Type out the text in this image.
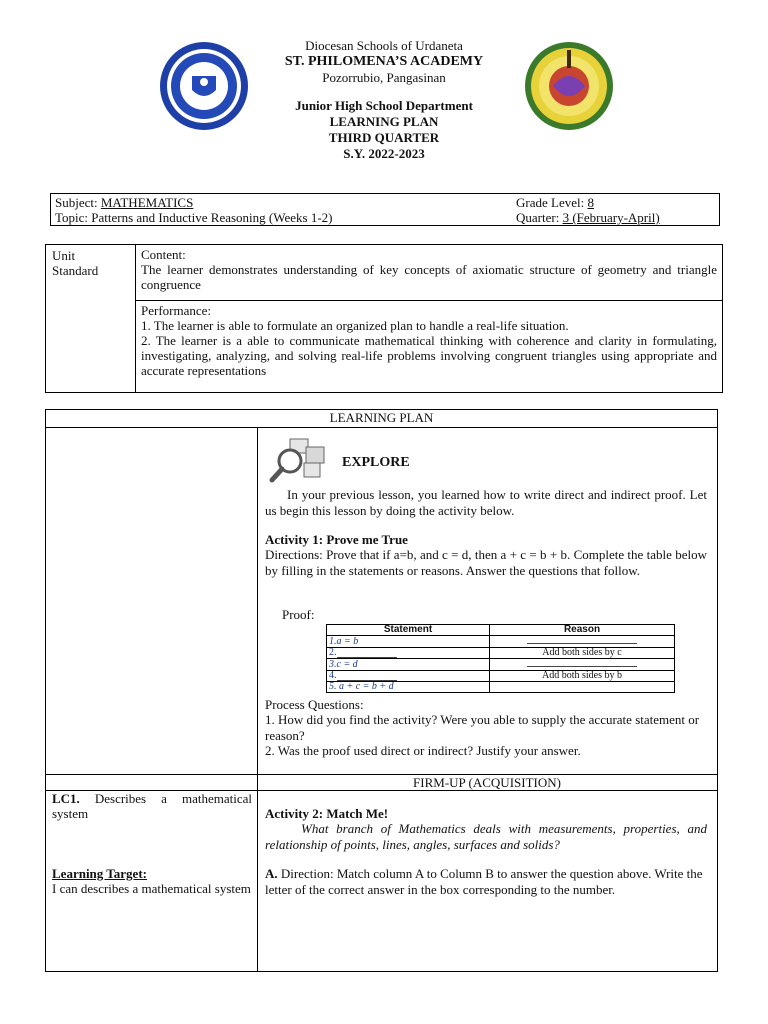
Diocesan Schools of Urdaneta
ST. PHILOMENA’S ACADEMY
Pozorrubio, Pangasinan
Junior High School Department
LEARNING PLAN
THIRD QUARTER
S.Y. 2022-2023
Subject: MATHEMATICS	Grade Level: 8
Topic: Patterns and Inductive Reasoning (Weeks 1-2)	Quarter: 3 (February-April)
Unit
Standard
Content:
The learner demonstrates understanding of key concepts of axiomatic structure of geometry and triangle congruence
Performance:
1. The learner is able to formulate an organized plan to handle a real-life situation.
2. The learner is a able to communicate mathematical thinking with coherence and clarity in formulating, investigating, analyzing, and solving real-life problems involving congruent triangles using appropriate and accurate representations
LEARNING PLAN
EXPLORE
In your previous lesson, you learned how to write direct and indirect proof. Let us begin this lesson by doing the activity below.
Activity 1: Prove me True
Directions: Prove that if a=b, and c = d, then a + c = b + b. Complete the table below by filling in the statements or reasons. Answer the questions that follow.
Proof:
Statement	Reason
1.a = b	
2.	Add both sides by c
3.c = d	
4.	Add both sides by b
5. a + c = b + d	
Process Questions:
1. How did you find the activity? Were you able to supply the accurate statement or reason?
2. Was the proof used direct or indirect? Justify your answer.
FIRM-UP (ACQUISITION)
LC1. Describes a mathematical system
Learning Target:
I can describes a mathematical system
Activity 2: Match Me!
What branch of Mathematics deals with measurements, properties, and relationship of points, lines, angles, surfaces and solids?
A. Direction: Match column A to Column B to answer the question above. Write the letter of the correct answer in the box corresponding to the number.
